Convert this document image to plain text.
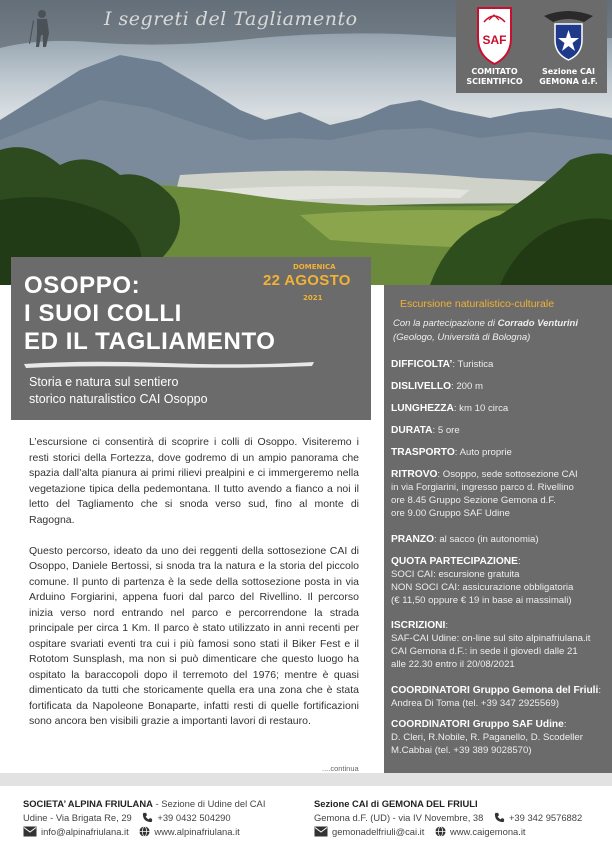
I segreti del Tagliamento
SAF
COMITATO
SCIENTIFICO
Sezione CAI
GEMONA d.F.
OSOPPO:
I SUOI COLLI
ED IL TAGLIAMENTO
DOMENICA
22 AGOSTO
2021
Storia e natura sul sentiero
storico naturalistico CAI Osoppo
Escursione naturalistico-culturale
Con la partecipazione di Corrado Venturini
(Geologo, Università di Bologna)
DIFFICOLTA’: Turistica
DISLIVELLO: 200 m
LUNGHEZZA: km 10 circa
DURATA: 5 ore
TRASPORTO: Auto proprie
RITROVO: Osoppo, sede sottosezione CAI
in via Forgiarini, ingresso parco d. Rivellino
ore 8.45 Gruppo Sezione Gemona d.F.
ore 9.00 Gruppo SAF Udine
PRANZO: al sacco (in autonomia)
QUOTA PARTECIPAZIONE:
SOCI CAI: escursione gratuita
NON SOCI CAI: assicurazione obbligatoria
(€ 11,50 oppure € 19 in base ai massimali)
ISCRIZIONI:
SAF-CAI Udine: on-line sul sito alpinafriulana.it
CAI Gemona d.F.: in sede il giovedì dalle 21
alle 22.30 entro il 20/08/2021
COORDINATORI Gruppo Gemona del Friuli:
Andrea Di Toma (tel. +39 347 2925569)
COORDINATORI Gruppo SAF Udine:
D. Cleri, R.Nobile, R. Paganello, D. Scodeller
M.Cabbai (tel. +39 389 9028570)

L’escursione ci consentirà di scoprire i colli di Osoppo. Visiteremo i resti storici della Fortezza, dove godremo di un ampio panorama che spazia dall’alta pianura ai primi rilievi prealpini e ci immergeremo nella vegetazione tipica della pedemontana. Il tutto avendo a fianco a noi il letto del Tagliamento che si snoda verso sud, fino al monte di Ragogna.

Questo percorso, ideato da uno dei reggenti della sottosezione CAI di Osoppo, Daniele Bertossi, si snoda tra la natura e la storia del piccolo comune. Il punto di partenza è la sede della sottosezione posta in via Arduino Forgiarini, appena fuori dal parco del Rivellino. Il percorso inizia verso nord entrando nel parco e percorrendone la strada principale per circa 1 Km. Il parco è stato utilizzato in anni recenti per ospitare svariati eventi tra cui i più famosi sono stati il Biker Fest e il Rototom Sunsplash, ma non si può dimenticare che questo luogo ha ospitato la baraccopoli dopo il terremoto del 1976; mentre è quasi dimenticato da tutti che storicamente quella era una zona che è stata fortificata da Napoleone Bonaparte, infatti resti di quelle fortificazioni sono ancora ben visibili grazie a importanti lavori di restauro.

....continua
SOCIETA’ ALPINA FRIULANA - Sezione di Udine del CAI
Udine - Via Brigata Re, 29	+39 0432 504290
info@alpinafriulana.it	www.alpinafriulana.it
Sezione CAI di GEMONA DEL FRIULI
Gemona d.F. (UD) - via IV Novembre, 38	+39 342 9576882
gemonadelfriuli@cai.it	www.caigemona.it
